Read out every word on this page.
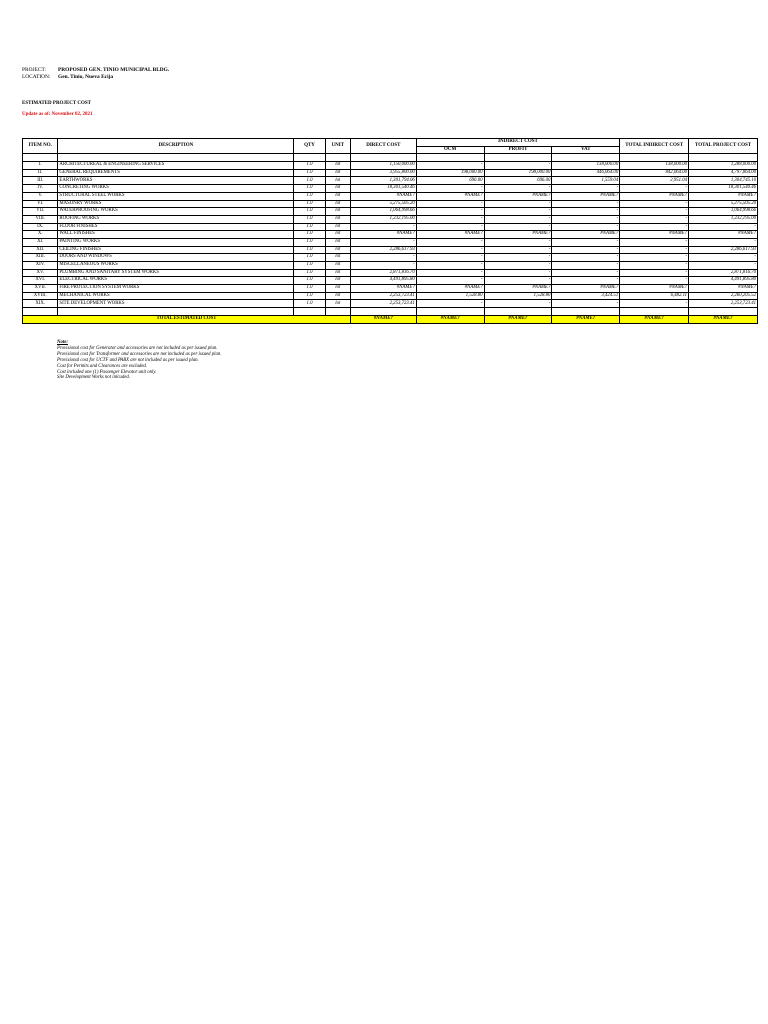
PROJECT: PROPOSED GEN. TINIO MUNICIPAL BLDG.
LOCATION: Gen. Tinio, Nueva Ecija
ESTIMATED PROJECT COST
Update as of: November 02, 2021
ITEM NO.	DESCRIPTION	QTY	UNIT	DIRECT COST	INDIRECT COST			TOTAL INDIRECT COST	TOTAL PROJECT COST
					OCM	PROFIT	VAT		

I.	ARCHITECTUREAL & ENGINEERING SERVICES	1.0	lot	1,150,000.00	-	-	138,000.00	138,000.00	1,288,000.00
II.	GENERAL REQUIREMENTS	1.0	lot	3,955,800.00	198,000.00	198,000.00	446,064.00	842,064.00	4,797,864.00
III.	EARTHWORKS	1.0	lot	1,301,794.06	696.00	696.00	1,559.04	2,951.04	1,304,745.10
IV.	CONCRETING WORKS	1.0	lot	18,301,540.46	-	-	-	-	18,301,540.46
V.	STRUCTURAL STEEL WORKS	1.0	lot	#NAME?	#NAME?	#NAME?	#NAME?	#NAME?	#NAME?
VI.	MASONRY WORKS	1.0	lot	5,275,505.20	-	-	-	-	5,275,505.20
VII.	WATERPROOFING WORKS	1.0	lot	1,064,998.66	-	-	-	-	1,064,998.66
VIII.	ROOFING WORKS	1.0	lot	1,232,195.00	-	-	-	-	1,232,195.00
IX.	FLOOR FINISHES	1.0	lot	-	-	-	-	-	-
X.	WALL FINISHES	1.0	lot	#NAME?	#NAME?	#NAME?	#NAME?	#NAME?	#NAME?
XI.	PAINTING WORKS	1.0	lot	-	-	-	-	-	-
XII.	CEILING FINISHES	1.0	lot	2,286,617.93	-	-	-	-	2,286,617.93
XIII.	DOORS AND WINDOWS	1.0	lot	-	-	-	-	-	-
XIV.	MISCELLANEOUS WORKS	1.0	lot	-	-	-	-	-	-
XV.	PLUMBING AND SANITARY SYSTEM WORKS	1.0	lot	2,871,816.70	-	-	-	-	2,871,816.70
XVI.	ELECTRICAL WORKS	1.0	lot	4,491,895.80	-	-	-	-	4,491,895.80
XVII.	FIRE PROTECTION SYSTEM WORKS	1.0	lot	#NAME?	#NAME?	#NAME?	#NAME?	#NAME?	#NAME?
XVIII.	MECHANICAL WORKS	1.0	lot	2,253,723.41	1,528.80	1,528.80	3,424.51	6,482.11	2,260,205.52
XIX.	SITE DEVELOPMENT WORKS	1.0	lot	2,253,723.41	-	-	-	-	2,253,723.41

TOTAL ESTIMATED COST				#NAME?	#NAME?	#NAME?	#NAME?	#NAME?	#NAME?
Note:
Provisional cost for Generator and accessories are not included as per issued plan.
Provisional cost for Transformer and accessories are not included as per issued plan.
Provisional cost for UCTF and PABX are not included as per issued plan.
Cost for Permits and Clearances are excluded.
Cost included one (1) Passenger Elevator unit only.
Site Development Works not inlcuded.
